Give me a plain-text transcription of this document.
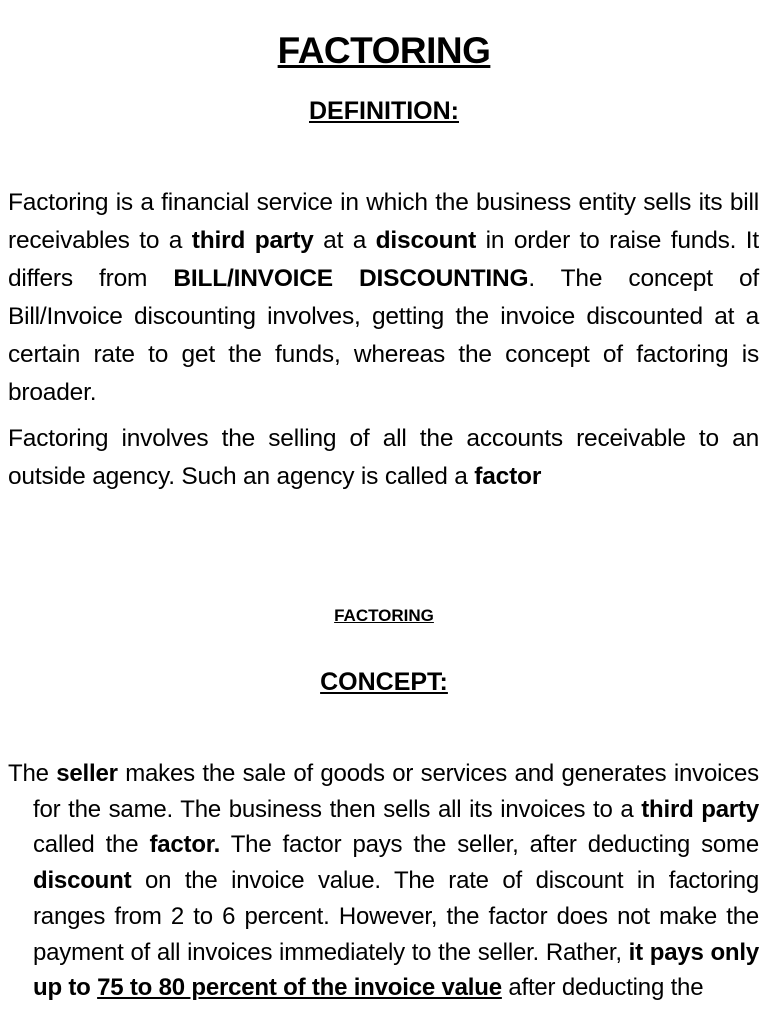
FACTORING
DEFINITION:
Factoring is a financial service in which the business entity sells its bill receivables to a third party at a discount in order to raise funds. It differs from BILL/INVOICE DISCOUNTING. The concept of Bill/Invoice discounting involves, getting the invoice discounted at a certain rate to get the funds, whereas the concept of factoring is broader.
Factoring involves the selling of all the accounts receivable to an outside agency. Such an agency is called a factor
FACTORING
CONCEPT:
The seller makes the sale of goods or services and generates invoices for the same. The business then sells all its invoices to a third party called the factor. The factor pays the seller, after deducting some discount on the invoice value. The rate of discount in factoring ranges from 2 to 6 percent. However, the factor does not make the payment of all invoices immediately to the seller. Rather, it pays only up to 75 to 80 percent of the invoice value after deducting the
